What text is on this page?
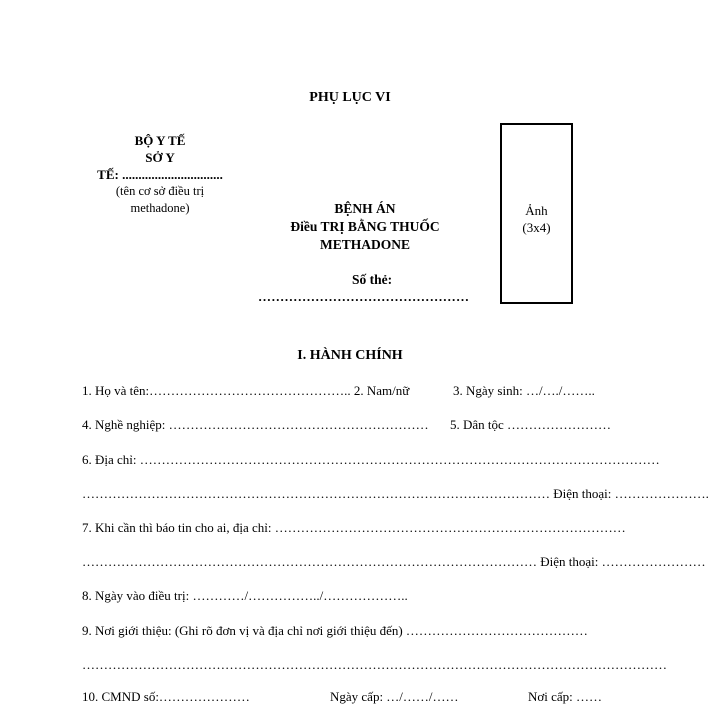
PHỤ LỤC VI
BỘ Y TẾ
SỞ Y
TẾ: ...............................
(tên cơ sở điều trị
methadone)	BỆNH ÁN
Điều TRỊ BẰNG THUỐC
METHADONE
Số thẻ:
…………………………………………
Ảnh
(3x4)
I. HÀNH CHÍNH
1. Họ và tên:……………………………………….. 2. Nam/nữ	3. Ngày sinh: …/…./……..
4. Nghề nghiệp: …………………………………………………… 5. Dân tộc ……………………
6. Địa chỉ: …………………………………………………………………………………………………………
……………………………………………………………………………………………… Điện thoại: ………………….
7. Khi cần thì báo tin cho ai, địa chỉ: ………………………………………………………………………
…………………………………………………………………………………………… Điện thoại: ……………………
8. Ngày vào điều trị: …………/……………../………………..
9. Nơi giới thiệu: (Ghi rõ đơn vị và địa chỉ nơi giới thiệu đến) ……………………………………
………………………………………………………………………………………………………………………
10. CMND số:…………………	Ngày cấp: …/……/……	Nơi cấp: ……
